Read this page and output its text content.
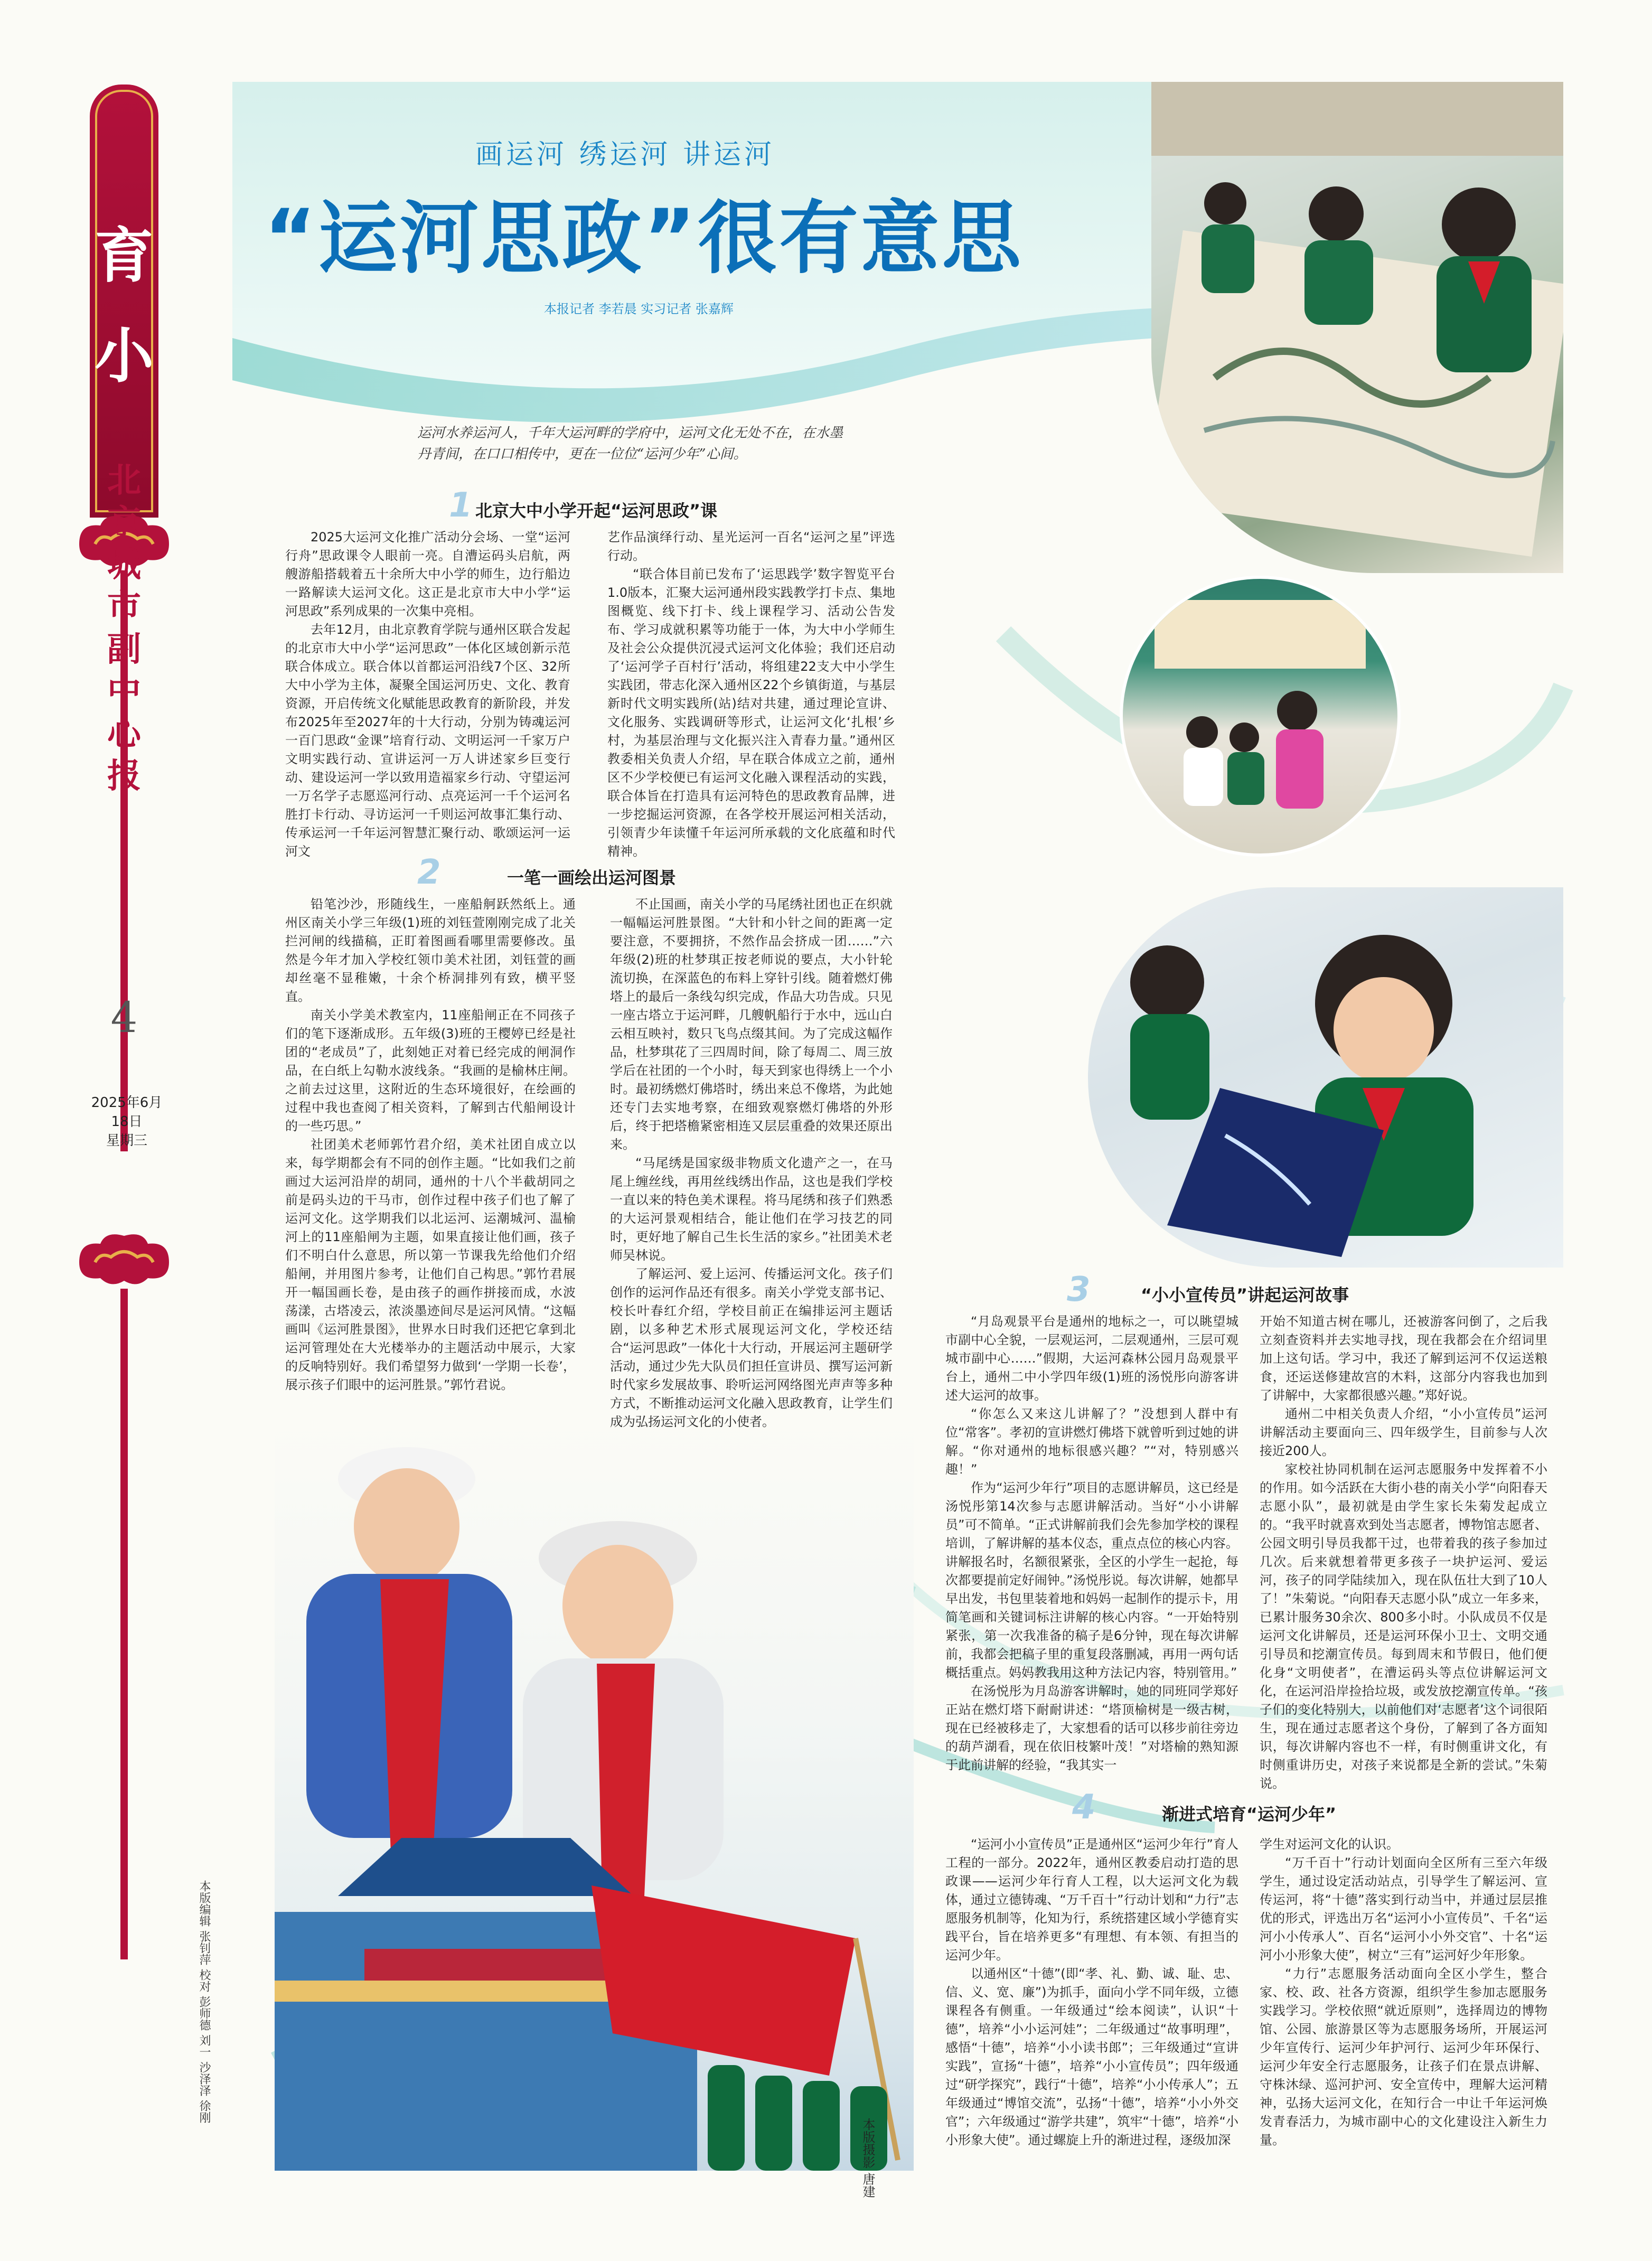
育小
北京城市副中心报
4
2025年6月18日
星期三
画运河 绣运河 讲运河
“运河思政”很有意思
本报记者 李若晨 实习记者 张嘉辉
运河水养运河人，千年大运河畔的学府中，运河文化无处不在，在水墨丹青间，在口口相传中，更在一位位“运河少年”心间。
1 北京大中小学开起“运河思政”课

2025大运河文化推广活动分会场、一堂“运河行舟”思政课令人眼前一亮。自漕运码头启航，两艘游船搭载着五十余所大中小学的师生，边行船边一路解读大运河文化。这正是北京市大中小学“运河思政”系列成果的一次集中亮相。

去年12月，由北京教育学院与通州区联合发起的北京市大中小学“运河思政”一体化区域创新示范联合体成立。联合体以首都运河沿线7个区、32所大中小学为主体，凝聚全国运河历史、文化、教育资源，开启传统文化赋能思政教育的新阶段，并发布2025年至2027年的十大行动，分别为铸魂运河一百门思政“金课”培育行动、文明运河一千家万户文明实践行动、宣讲运河一万人讲述家乡巨变行动、建设运河一学以致用造福家乡行动、守望运河一万名学子志愿巡河行动、点亮运河一千个运河名胜打卡行动、寻访运河一千则运河故事汇集行动、传承运河一千年运河智慧汇聚行动、歌颂运河一运河文

艺作品演绎行动、星光运河一百名“运河之星”评选行动。

“联合体目前已发布了‘运思践学’数字智览平台1.0版本，汇聚大运河通州段实践教学打卡点、集地图概览、线下打卡、线上课程学习、活动公告发布、学习成就积累等功能于一体，为大中小学师生及社会公众提供沉浸式运河文化体验；我们还启动了‘运河学子百村行’活动，将组建22支大中小学生实践团，带志化深入通州区22个乡镇街道，与基层新时代文明实践所(站)结对共建，通过理论宣讲、文化服务、实践调研等形式，让运河文化‘扎根’乡村，为基层治理与文化振兴注入青春力量。”通州区教委相关负责人介绍，早在联合体成立之前，通州区不少学校便已有运河文化融入课程活动的实践，联合体旨在打造具有运河特色的思政教育品牌，进一步挖掘运河资源，在各学校开展运河相关活动，引领青少年读懂千年运河所承载的文化底蕴和时代精神。

2	一笔一画绘出运河图景

铅笔沙沙，形随线生，一座船舸跃然纸上。通州区南关小学三年级(1)班的刘钰萱刚刚完成了北关拦河闸的线描稿，正盯着图画看哪里需要修改。虽然是今年才加入学校红领巾美术社团，刘钰萱的画却丝毫不显稚嫩，十余个桥洞排列有致，横平竖直。

南关小学美术教室内，11座船闸正在不同孩子们的笔下逐渐成形。五年级(3)班的王樱婷已经是社团的“老成员”了，此刻她正对着已经完成的闸洞作品，在白纸上勾勒水波线条。“我画的是榆林庄闸。之前去过这里，这附近的生态环境很好，在绘画的过程中我也查阅了相关资料，了解到古代船闸设计的一些巧思。”

社团美术老师郭竹君介绍，美术社团自成立以来，每学期都会有不同的创作主题。“比如我们之前画过大运河沿岸的胡同，通州的十八个半截胡同之前是码头边的干马市，创作过程中孩子们也了解了运河文化。这学期我们以北运河、运潮城河、温榆河上的11座船闸为主题，如果直接让他们画，孩子们不明白什么意思，所以第一节课我先给他们介绍船闸，并用图片参考，让他们自己构思。”郭竹君展开一幅国画长卷，是由孩子的画作拼接而成，水波荡漾，古塔凌云，浓淡墨迹间尽是运河风情。“这幅画叫《运河胜景图》，世界水日时我们还把它拿到北运河管理处在大光楼举办的主题活动中展示，大家的反响特别好。我们希望努力做到‘一学期一长卷’，展示孩子们眼中的运河胜景。”郭竹君说。

不止国画，南关小学的马尾绣社团也正在织就一幅幅运河胜景图。“大针和小针之间的距离一定要注意，不要拥挤，不然作品会挤成一团……”六年级(2)班的杜梦琪正按老师说的要点，大小针轮流切换，在深蓝色的布料上穿针引线。随着燃灯佛塔上的最后一条线勾织完成，作品大功告成。只见一座古塔立于运河畔，几艘帆船行于水中，远山白云相互映衬，数只飞鸟点缀其间。为了完成这幅作品，杜梦琪花了三四周时间，除了每周二、周三放学后在社团的一个小时，每天到家也得绣上一个小时。最初绣燃灯佛塔时，绣出来总不像塔，为此她还专门去实地考察，在细致观察燃灯佛塔的外形后，终于把塔檐紧密相连又层层重叠的效果还原出来。

“马尾绣是国家级非物质文化遗产之一，在马尾上缠丝线，再用丝线绣出作品，这也是我们学校一直以来的特色美术课程。将马尾绣和孩子们熟悉的大运河景观相结合，能让他们在学习技艺的同时，更好地了解自己生长生活的家乡。”社团美术老师吴林说。

了解运河、爱上运河、传播运河文化。孩子们创作的运河作品还有很多。南关小学党支部书记、校长叶春红介绍，学校目前正在编排运河主题话剧，以多种艺术形式展现运河文化，学校还结合“运河思政”一体化十大行动，开展运河主题研学活动，通过少先大队员们担任宣讲员、撰写运河新时代家乡发展故事、聆听运河网络图光声声等多种方式，不断推动运河文化融入思政教育，让学生们成为弘扬运河文化的小使者。

3	“小小宣传员”讲起运河故事

“月岛观景平台是通州的地标之一，可以眺望城市副中心全貌，一层观运河，二层观通州，三层可观城市副中心……”假期，大运河森林公园月岛观景平台上，通州二中小学四年级(1)班的汤悦彤向游客讲述大运河的故事。

“你怎么又来这儿讲解了？”没想到人群中有位“常客”。孝初的宣讲燃灯佛塔下就曾听到过她的讲解。“你对通州的地标很感兴趣？”“对，特别感兴趣！”

作为“运河少年行”项目的志愿讲解员，这已经是汤悦彤第14次参与志愿讲解活动。当好“小小讲解员”可不简单。“正式讲解前我们会先参加学校的课程培训，了解讲解的基本仪态，重点点位的核心内容。讲解报名时，名额很紧张，全区的小学生一起抢，每次都要提前定好闹钟。”汤悦彤说。每次讲解，她都早早出发，书包里装着地和妈妈一起制作的提示卡，用简笔画和关键词标注讲解的核心内容。“一开始特别紧张，第一次我准备的稿子是6分钟，现在每次讲解前，我都会把稿子里的重复段落删减，再用一两句话概括重点。妈妈教我用这种方法记内容，特别管用。”

在汤悦彤为月岛游客讲解时，她的同班同学郑好正站在燃灯塔下耐耐讲述：“塔顶榆树是一级古树，现在已经被移走了，大家想看的话可以移步前往旁边的葫芦湖看，现在依旧枝繁叶茂！”对塔榆的熟知源于此前讲解的经验，“我其实一

开始不知道古树在哪儿，还被游客问倒了，之后我立刻查资料并去实地寻找，现在我都会在介绍词里加上这句话。学习中，我还了解到运河不仅运送粮食，还运送修建故宫的木料，这部分内容我也加到了讲解中，大家都很感兴趣。”郑好说。

通州二中相关负责人介绍，“小小宣传员”运河讲解活动主要面向三、四年级学生，目前参与人次接近200人。

家校社协同机制在运河志愿服务中发挥着不小的作用。如今活跃在大街小巷的南关小学“向阳春天志愿小队”，最初就是由学生家长朱菊发起成立的。“我平时就喜欢到处当志愿者，博物馆志愿者、公园文明引导员我都干过，也带着我的孩子参加过几次。后来就想着带更多孩子一块护运河、爱运河，孩子的同学陆续加入，现在队伍壮大到了10人了！”朱菊说。“向阳春天志愿小队”成立一年多来，已累计服务30余次、800多小时。小队成员不仅是运河文化讲解员，还是运河环保小卫士、文明交通引导员和挖潮宣传员。每到周末和节假日，他们便化身“文明使者”，在漕运码头等点位讲解运河文化，在运河沿岸捡拾垃圾，或发放挖潮宣传单。“孩子们的变化特别大，以前他们对‘志愿者’这个词很陌生，现在通过志愿者这个身份，了解到了各方面知识，每次讲解内容也不一样，有时侧重讲文化，有时侧重讲历史，对孩子来说都是全新的尝试。”朱菊说。

4	渐进式培育“运河少年”

“运河小小宣传员”正是通州区“运河少年行”育人工程的一部分。2022年，通州区教委启动打造的思政课——运河少年行育人工程，以大运河文化为载体，通过立德铸魂、“万千百十”行动计划和“力行”志愿服务机制等，化知为行，系统搭建区域小学德育实践平台，旨在培养更多“有理想、有本领、有担当的运河少年。

以通州区“十德”(即“孝、礼、勤、诚、耻、忠、信、义、宽、廉”)为抓手，面向小学不同年级，立德课程各有侧重。一年级通过“绘本阅读”，认识“十德”，培养“小小运河娃”；二年级通过“故事明理”，感悟“十德”，培养“小小读书郎”；三年级通过“宣讲实践”，宣扬“十德”，培养“小小宣传员”；四年级通过“研学探究”，践行“十德”，培养“小小传承人”；五年级通过“博馆交流”，弘扬“十德”，培养“小小外交官”；六年级通过“游学共建”，筑牢“十德”，培养“小小形象大使”。通过螺旋上升的渐进过程，逐级加深

学生对运河文化的认识。

“万千百十”行动计划面向全区所有三至六年级学生，通过设定活动站点，引导学生了解运河、宣传运河，将“十德”落实到行动当中，并通过层层推优的形式，评选出万名“运河小小宣传员”、千名“运河小小传承人”、百名“运河小小外交官”、十名“运河小小形象大使”，树立“三有”运河好少年形象。

“力行”志愿服务活动面向全区小学生，整合家、校、政、社各方资源，组织学生参加志愿服务实践学习。学校依照“就近原则”，选择周边的博物馆、公园、旅游景区等为志愿服务场所，开展运河少年宣传行、运河少年护河行、运河少年环保行、运河少年安全行志愿服务，让孩子们在景点讲解、守株沐绿、巡河护河、安全宣传中，理解大运河精神，弘扬大运河文化，在知行合一中让千年运河焕发青春活力，为城市副中心的文化建设注入新生力量。

本版摄影 唐建
本版编辑 张钊萍 校对 彭师德 刘一 沙泽泽 徐刚
